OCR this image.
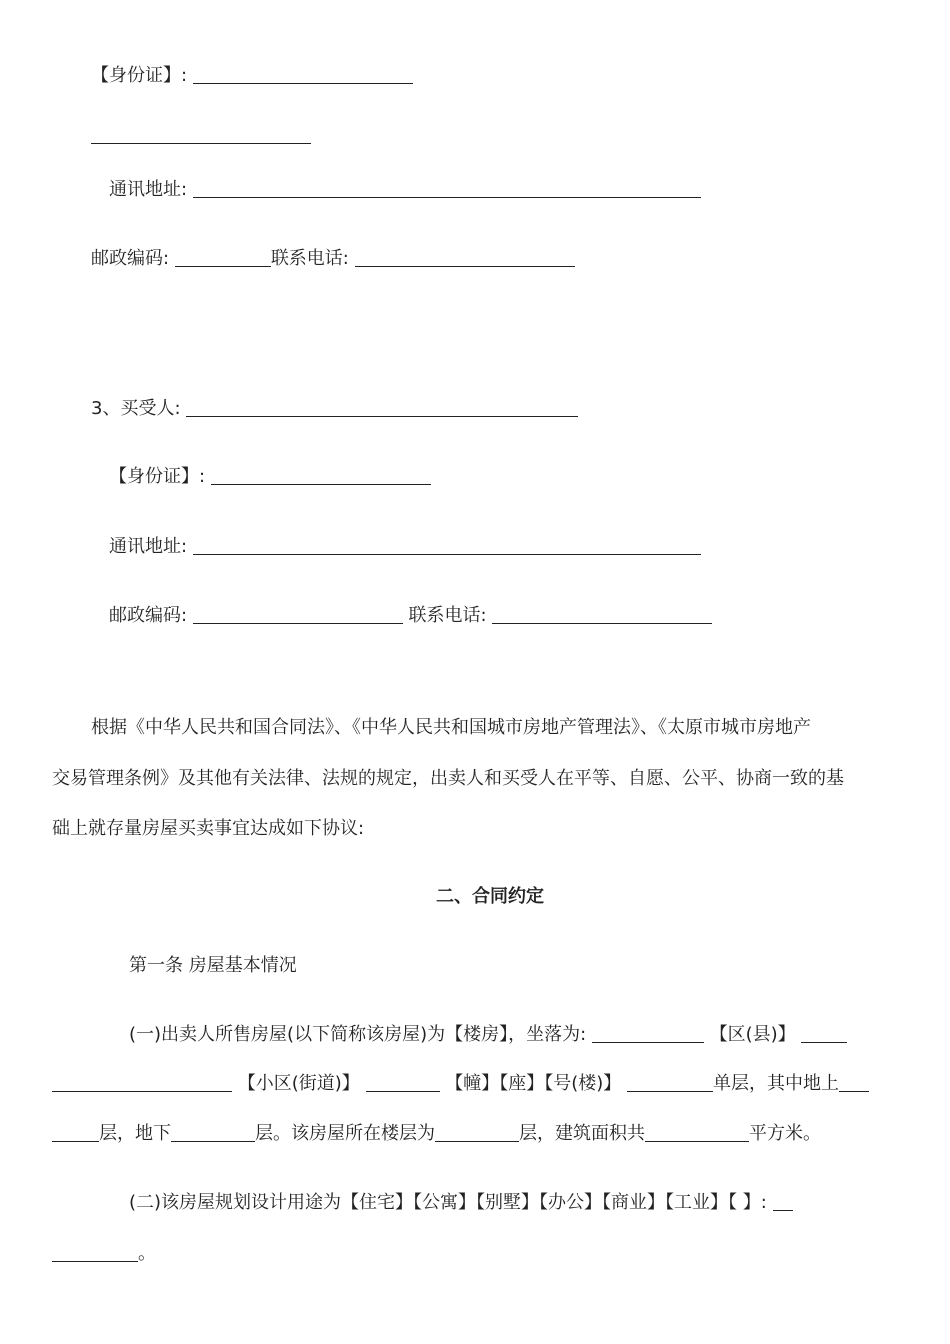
【身份证】:
通讯地址:
邮政编码:	联系电话:
3、买受人:
【身份证】:
通讯地址:
邮政编码:	联系电话:
根据《中华人民共和国合同法》、《中华人民共和国城市房地产管理法》、《太原市城市房地产
交易管理条例》及其他有关法律、法规的规定，出卖人和买受人在平等、自愿、公平、协商一致的基
础上就存量房屋买卖事宜达成如下协议:
二、合同约定
第一条 房屋基本情况
(一)出卖人所售房屋(以下简称该房屋)为【楼房】，坐落为:	【区(县)】
【小区(街道)】	【幢】【座】【号(楼)】	单层，其中地上
层，地下	层。该房屋所在楼层为	层，建筑面积共	平方米。
(二)该房屋规划设计用途为【住宅】【公寓】【别墅】【办公】【商业】【工业】【 】:
。
